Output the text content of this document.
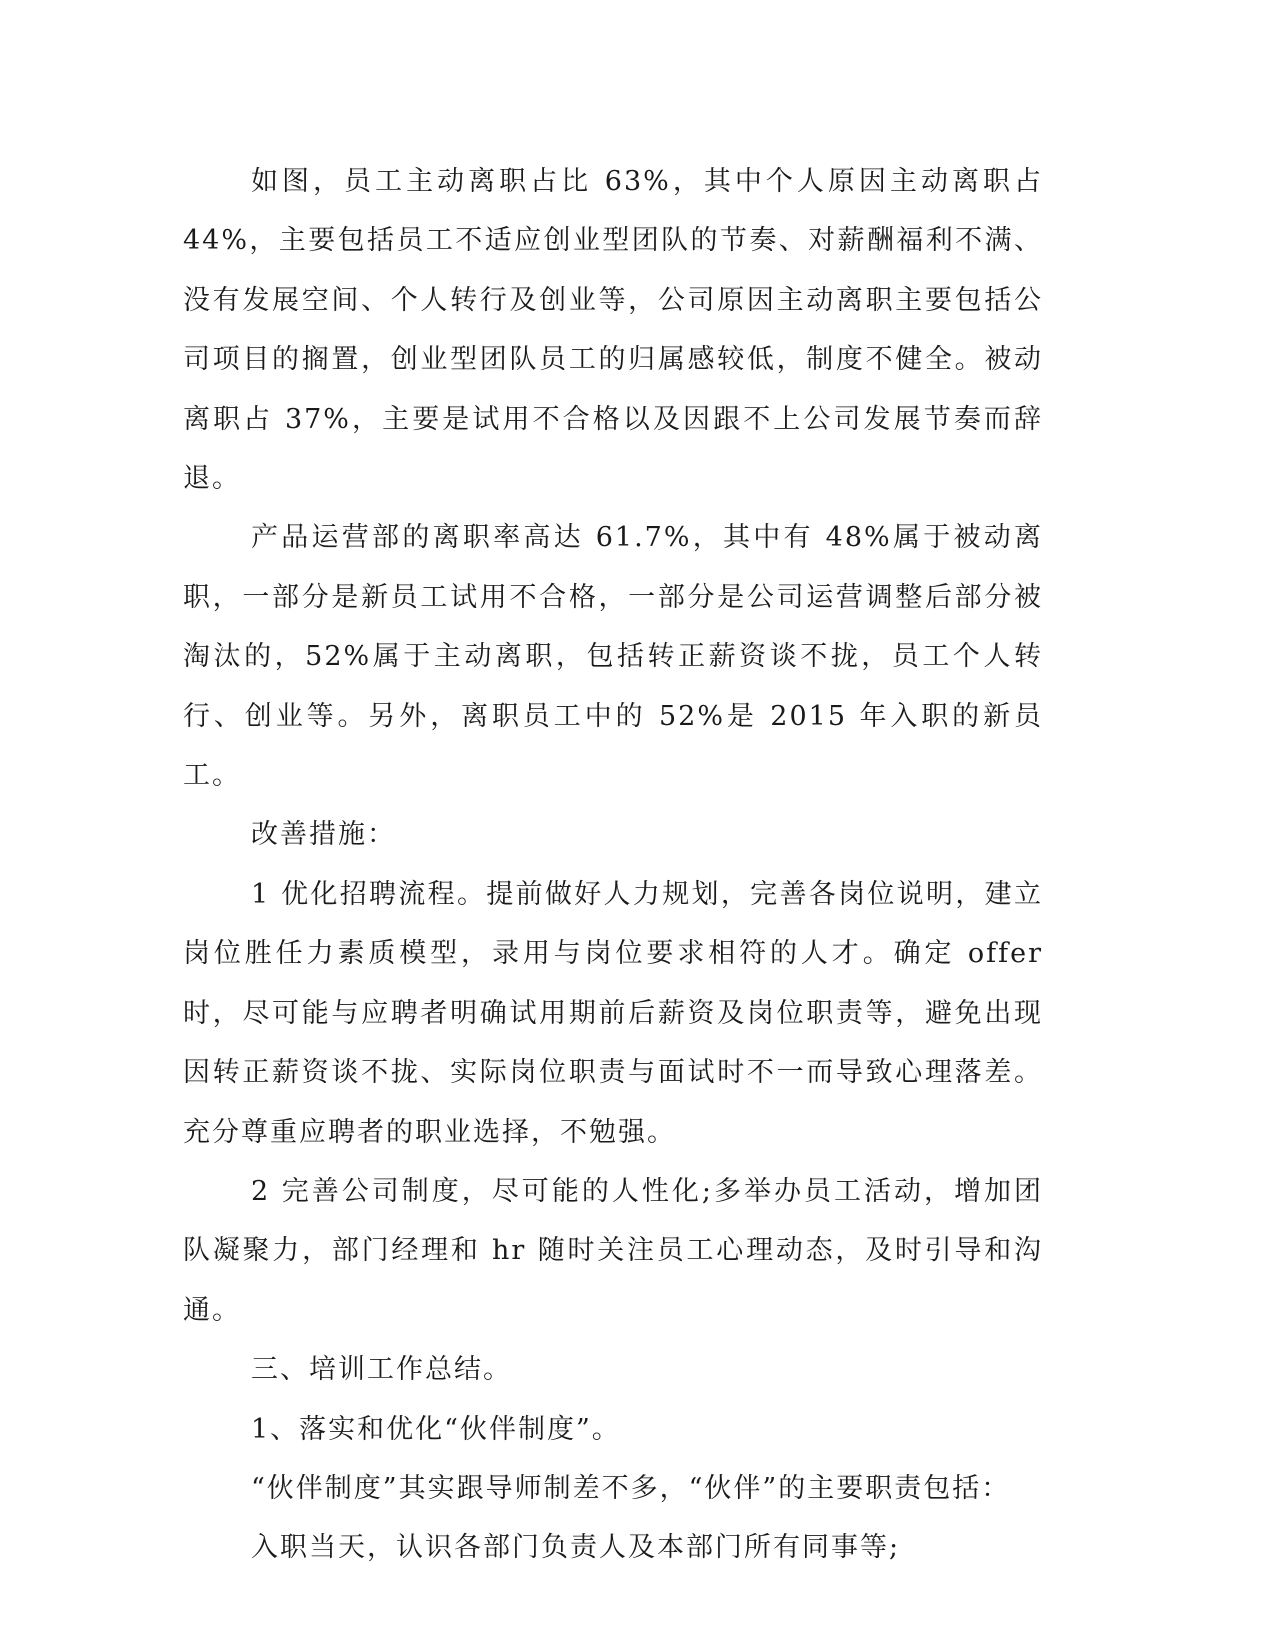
如图，员工主动离职占比 63%，其中个人原因主动离职占 44%，主要包括员工不适应创业型团队的节奏、对薪酬福利不满、没有发展空间、个人转行及创业等，公司原因主动离职主要包括公司项目的搁置，创业型团队员工的归属感较低，制度不健全。被动离职占 37%，主要是试用不合格以及因跟不上公司发展节奏而辞退。

产品运营部的离职率高达 61.7%，其中有 48%属于被动离职，一部分是新员工试用不合格，一部分是公司运营调整后部分被淘汰的，52%属于主动离职，包括转正薪资谈不拢，员工个人转行、创业等。另外，离职员工中的 52%是 2015 年入职的新员工。

改善措施：

1 优化招聘流程。提前做好人力规划，完善各岗位说明，建立岗位胜任力素质模型，录用与岗位要求相符的人才。确定 offer 时，尽可能与应聘者明确试用期前后薪资及岗位职责等，避免出现因转正薪资谈不拢、实际岗位职责与面试时不一而导致心理落差。充分尊重应聘者的职业选择，不勉强。

2 完善公司制度，尽可能的人性化;多举办员工活动，增加团队凝聚力，部门经理和 hr 随时关注员工心理动态，及时引导和沟通。

三、培训工作总结。

1、落实和优化“伙伴制度”。

“伙伴制度”其实跟导师制差不多，“伙伴”的主要职责包括：

入职当天，认识各部门负责人及本部门所有同事等;
